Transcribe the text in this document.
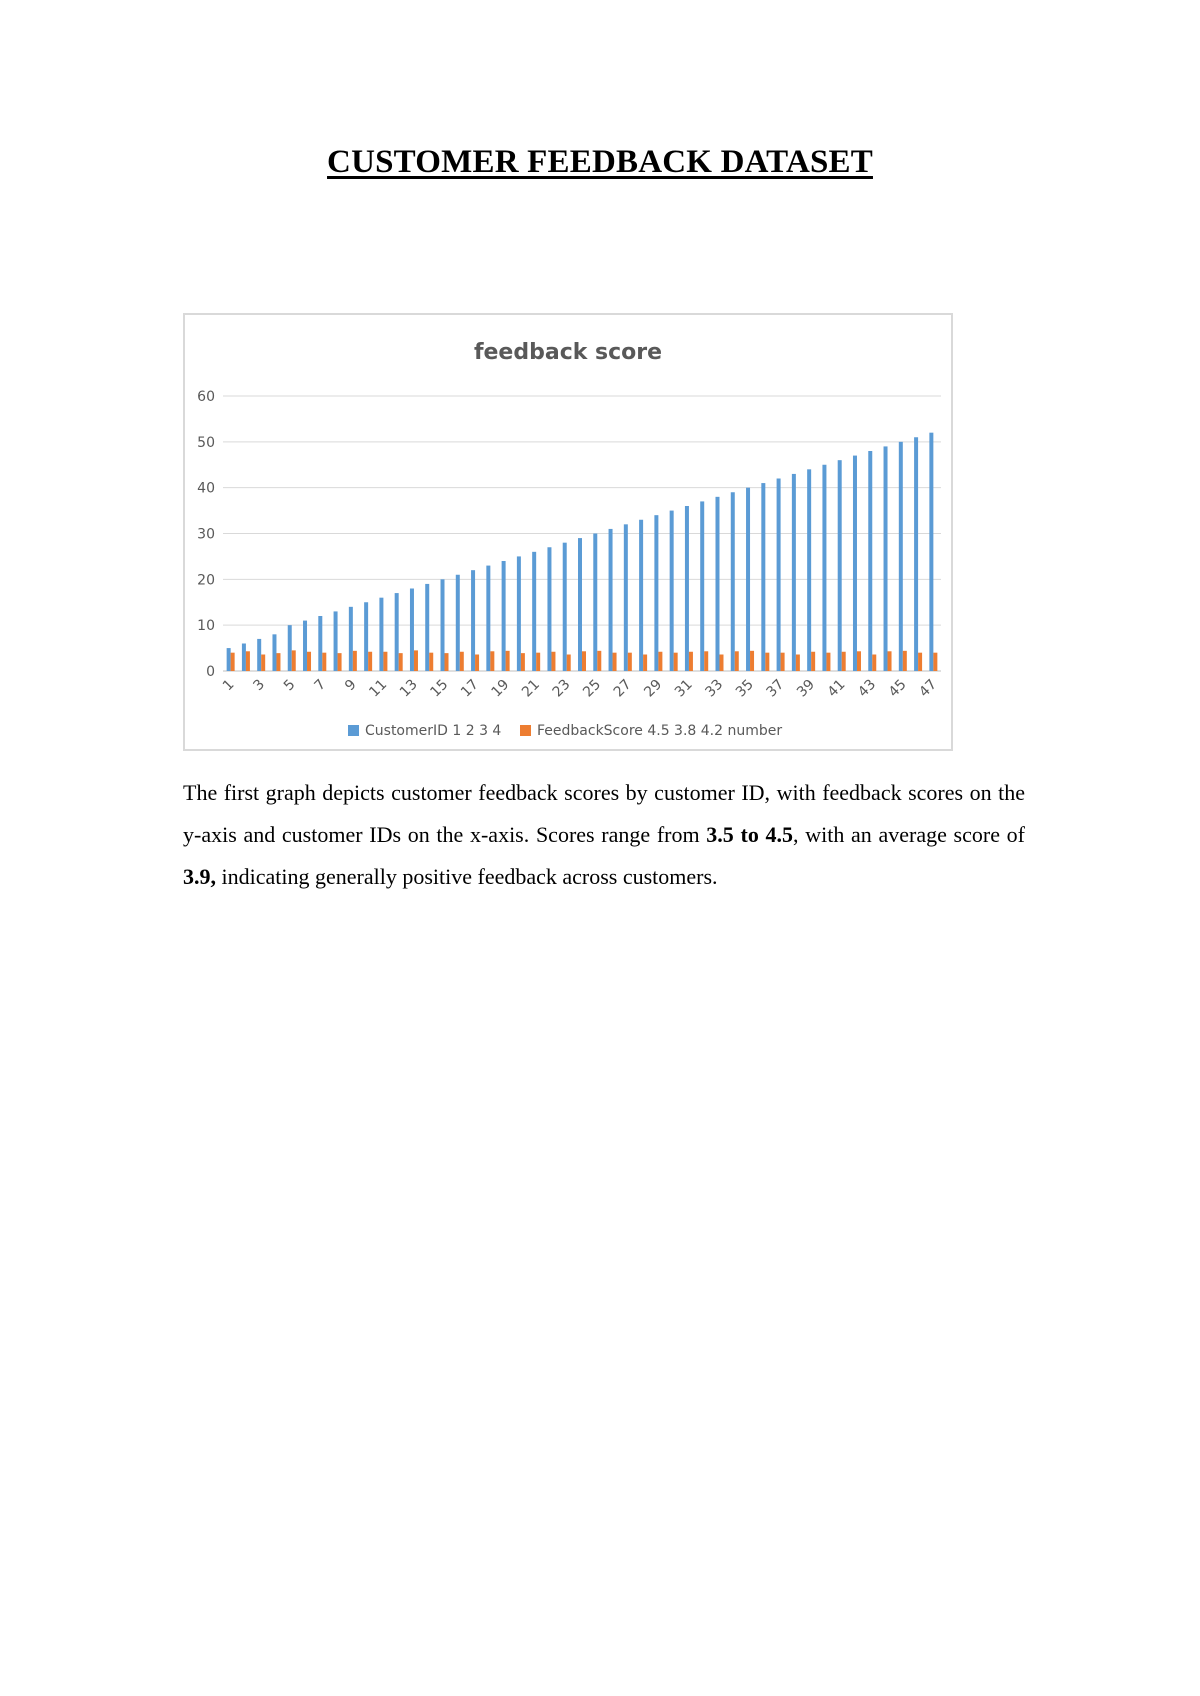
CUSTOMER FEEDBACK DATASET
feedback score
0
10
20
30
40
50
60
1 3 5 7 9 11 13 15 17 19 21 23 25 27 29 31 33 35 37 39 41 43 45 47
CustomerID 1 2 3 4	FeedbackScore 4.5 3.8 4.2 number

The first graph depicts customer feedback scores by customer ID, with feedback scores on the y-axis and customer IDs on the x-axis. Scores range from 3.5 to 4.5, with an average score of 3.9, indicating generally positive feedback across customers.
